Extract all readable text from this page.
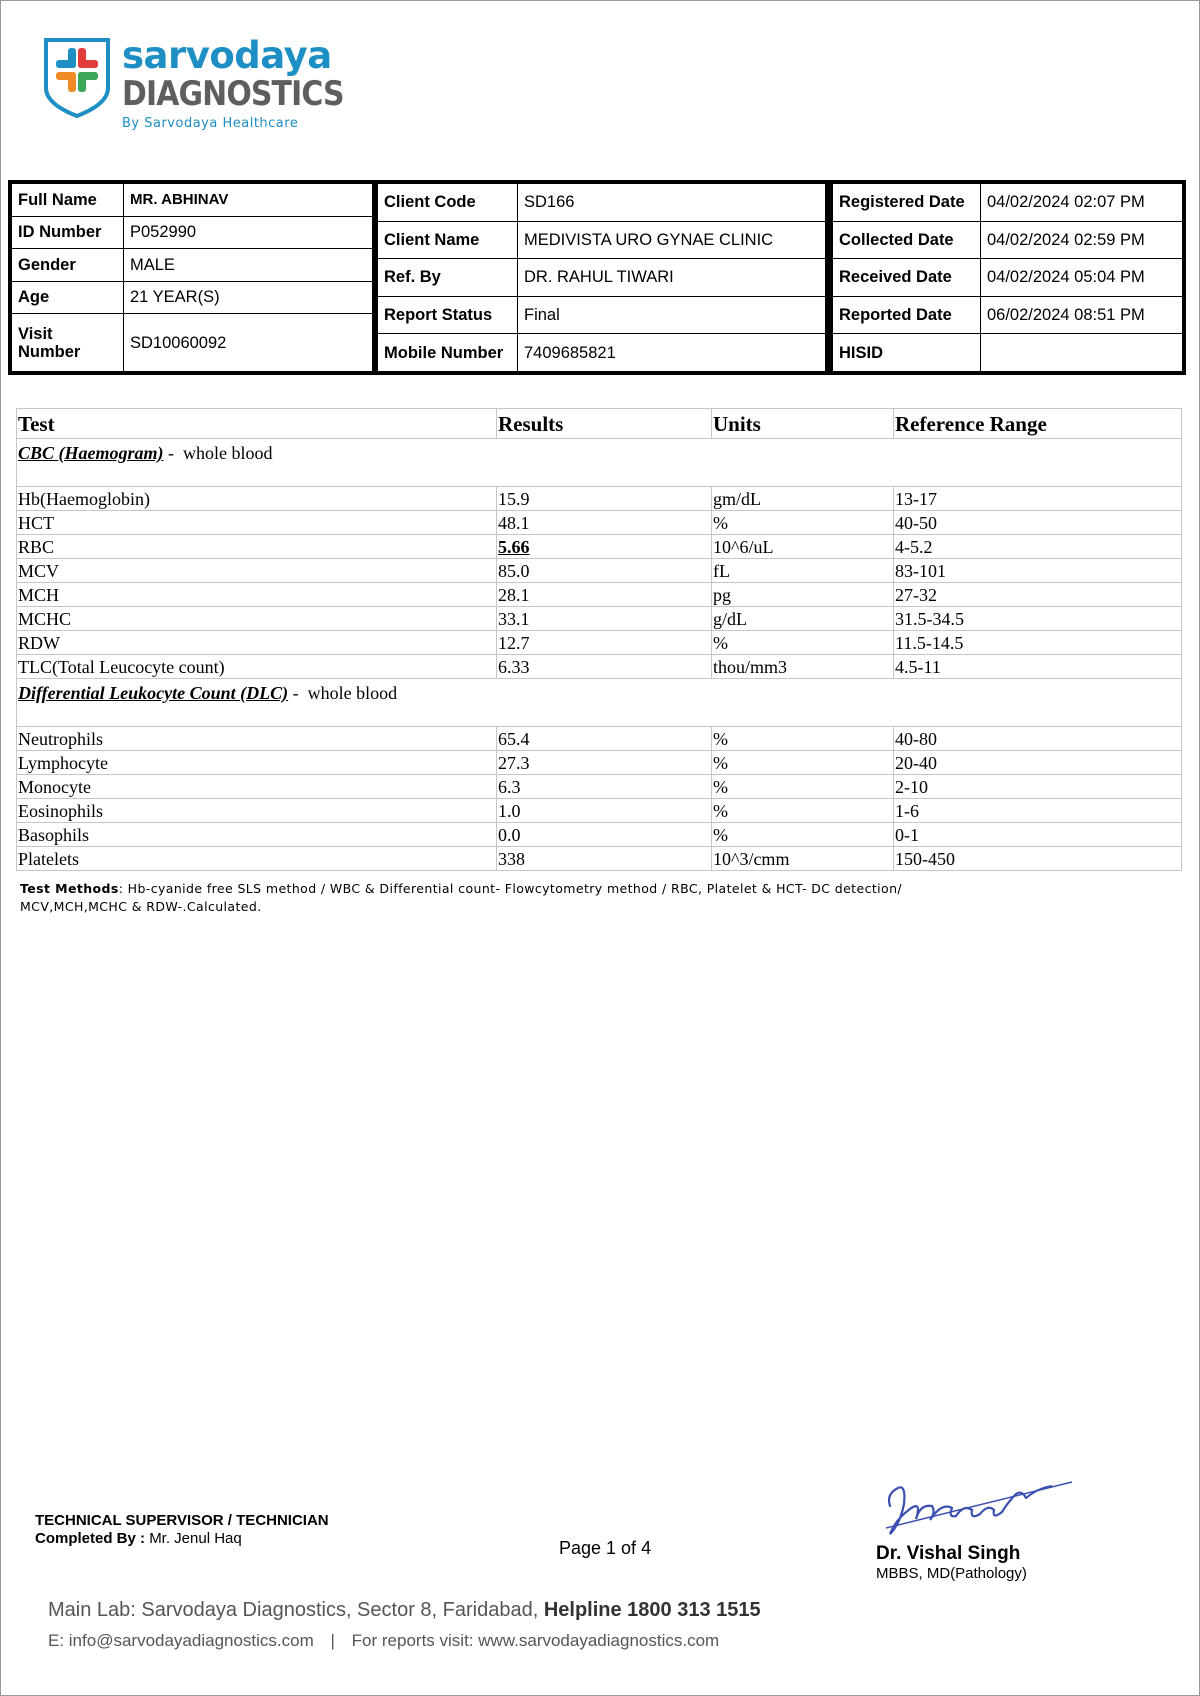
sarvodaya
DIAGNOSTICS
By Sarvodaya Healthcare
Full Name	MR. ABHINAV
ID Number	P052990
Gender	MALE
Age	21 YEAR(S)
Visit Number	SD10060092
Client Code	SD166
Client Name	MEDIVISTA URO GYNAE CLINIC
Ref. By	DR. RAHUL TIWARI
Report Status	Final
Mobile Number	7409685821
Registered Date	04/02/2024 02:07 PM
Collected Date	04/02/2024 02:59 PM
Received Date	04/02/2024 05:04 PM
Reported Date	06/02/2024 08:51 PM
HISID	
Test	Results	Units	Reference Range
CBC (Haemogram) -  whole blood			
Hb(Haemoglobin)	15.9	gm/dL	13-17
HCT	48.1	%	40-50
RBC	5.66	10^6/uL	4-5.2
MCV	85.0	fL	83-101
MCH	28.1	pg	27-32
MCHC	33.1	g/dL	31.5-34.5
RDW	12.7	%	11.5-14.5
TLC(Total Leucocyte count)	6.33	thou/mm3	4.5-11
Differential Leukocyte Count (DLC) -  whole blood			
Neutrophils	65.4	%	40-80
Lymphocyte	27.3	%	20-40
Monocyte	6.3	%	2-10
Eosinophils	1.0	%	1-6
Basophils	0.0	%	0-1
Platelets	338	10^3/cmm	150-450
Test Methods: Hb-cyanide free SLS method / WBC & Differential count- Flowcytometry method / RBC, Platelet & HCT- DC detection/ MCV,MCH,MCHC & RDW-.Calculated.
TECHNICAL SUPERVISOR / TECHNICIAN
Completed By : Mr. Jenul Haq	Page 1 of 4	Dr. Vishal Singh
MBBS, MD(Pathology)
Main Lab: Sarvodaya Diagnostics, Sector 8, Faridabad, Helpline 1800 313 1515
E: info@sarvodayadiagnostics.com | For reports visit: www.sarvodayadiagnostics.com
